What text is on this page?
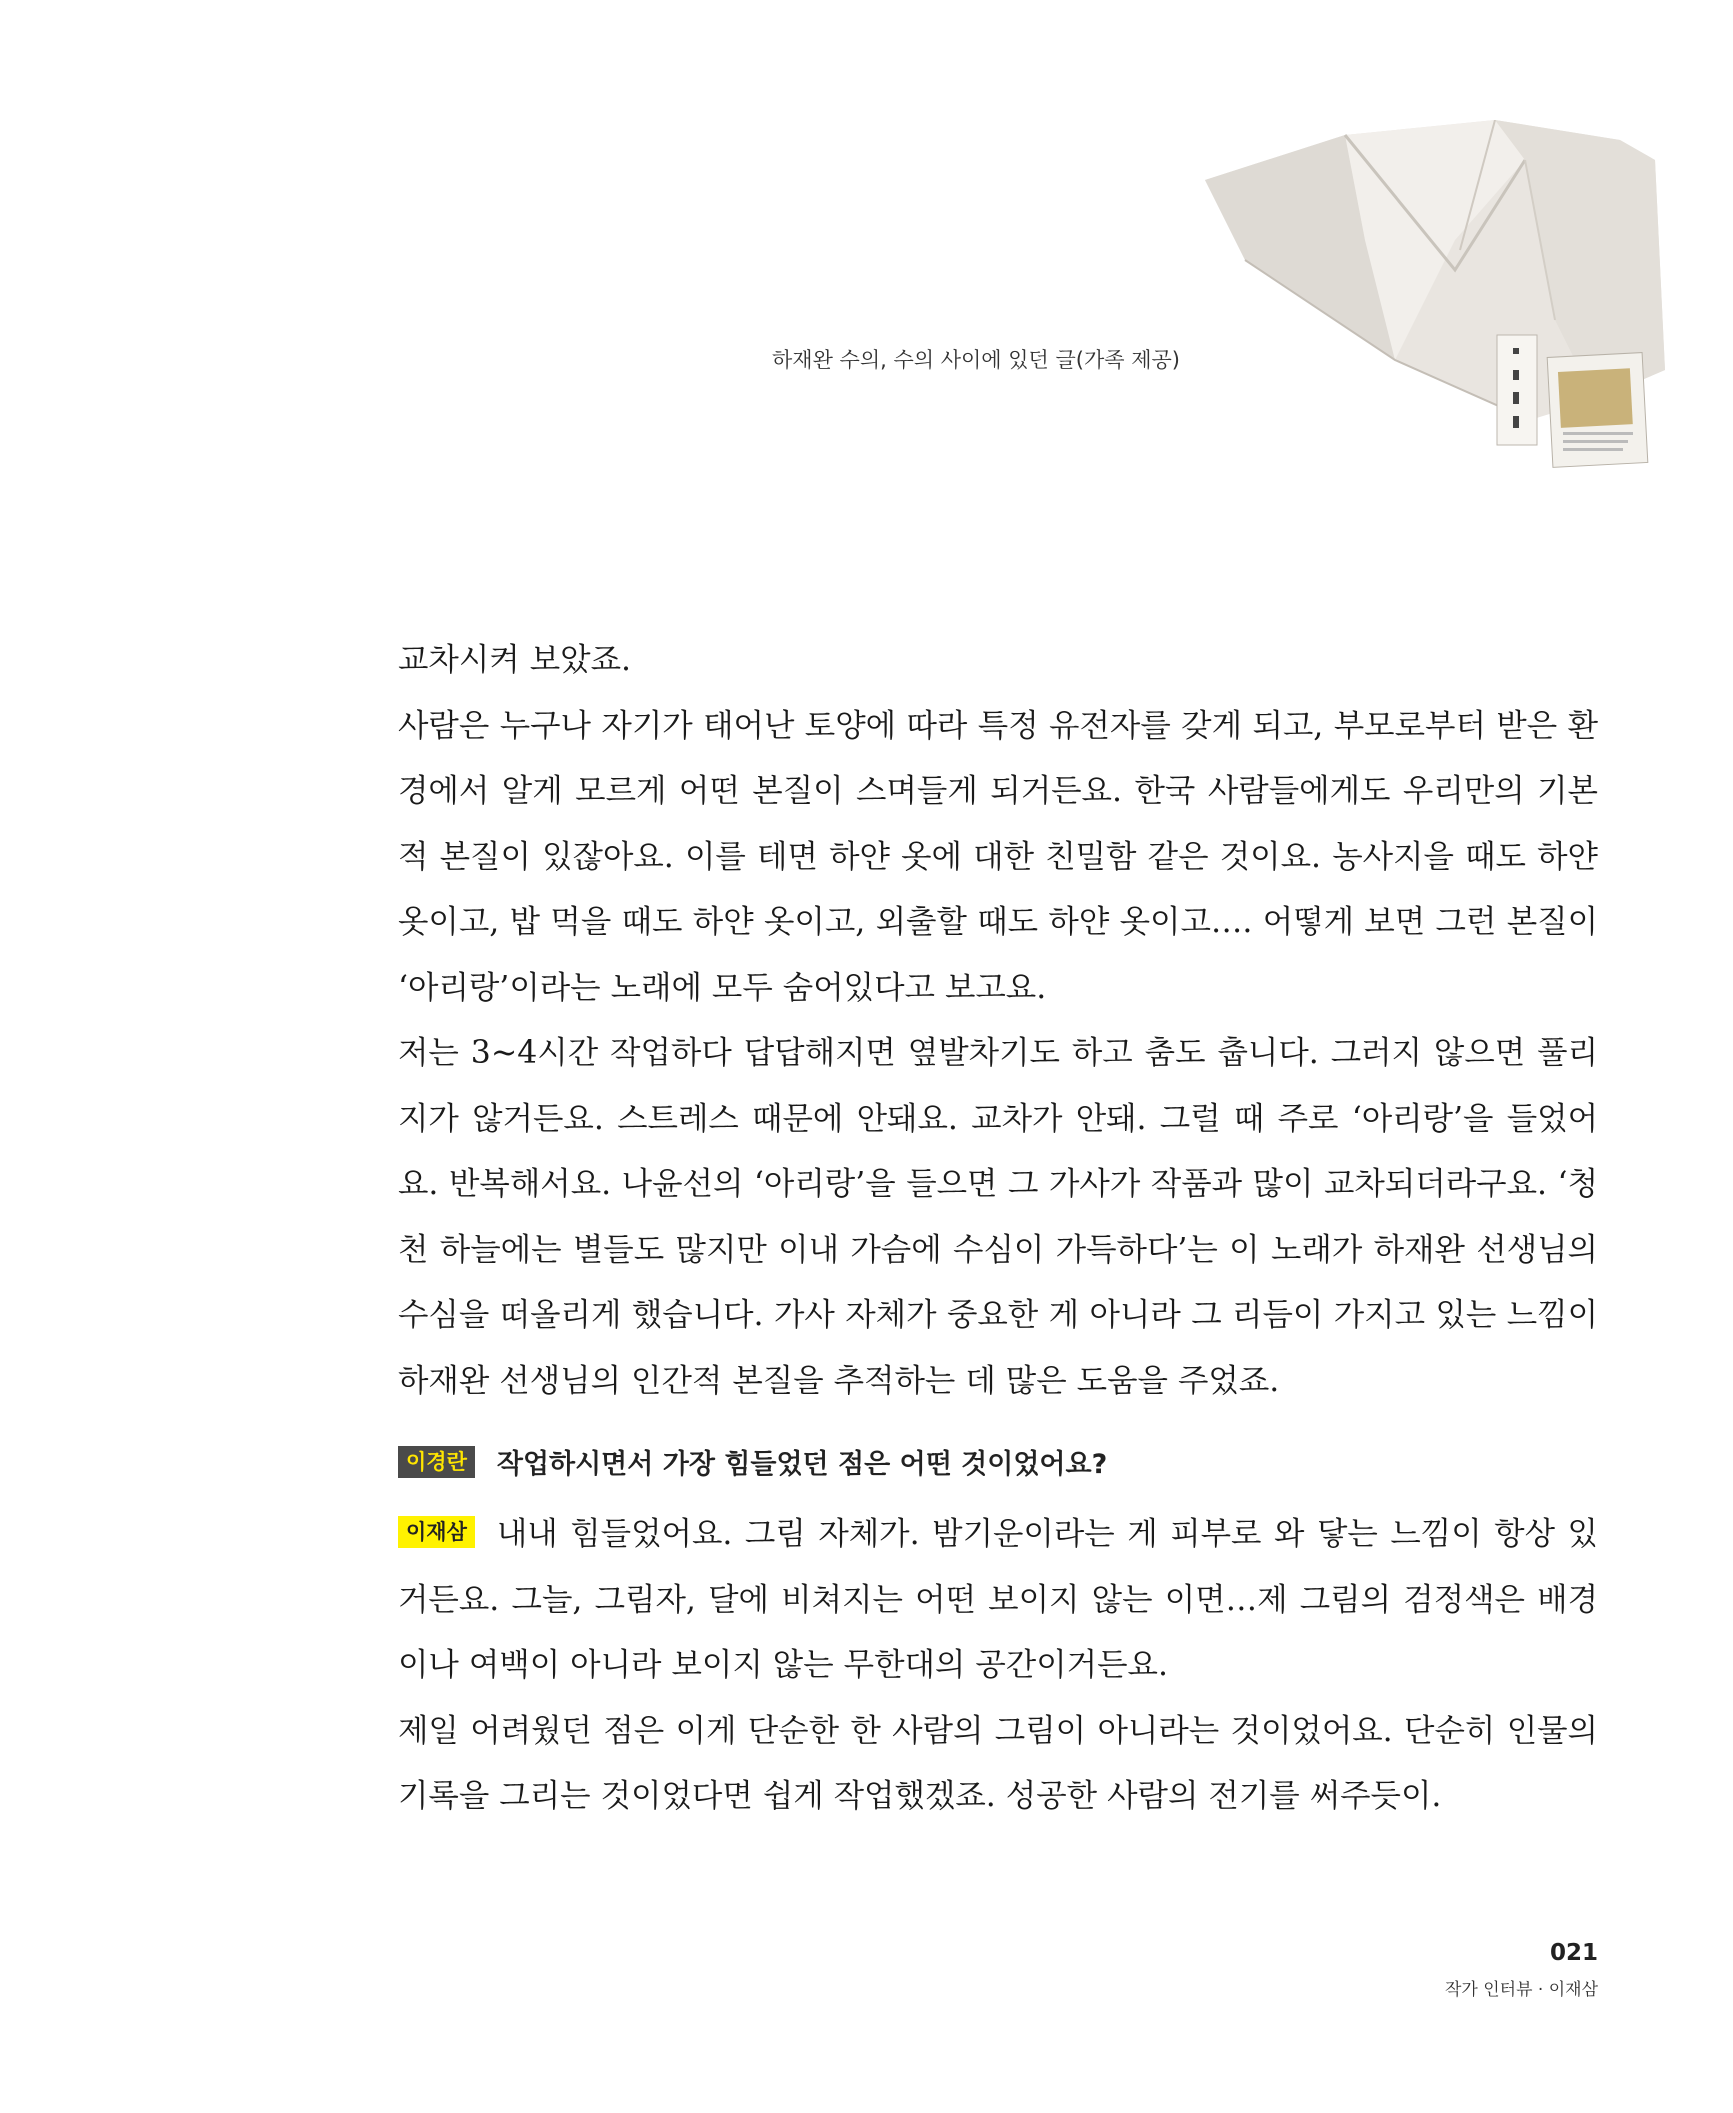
하재완 수의, 수의 사이에 있던 글(가족 제공)

교차시켜 보았죠.

사람은 누구나 자기가 태어난 토양에 따라 특정 유전자를 갖게 되고, 부모로부터 받은 환경에서 알게 모르게 어떤 본질이 스며들게 되거든요. 한국 사람들에게도 우리만의 기본적 본질이 있잖아요. 이를 테면 하얀 옷에 대한 친밀함 같은 것이요. 농사지을 때도 하얀 옷이고, 밥 먹을 때도 하얀 옷이고, 외출할 때도 하얀 옷이고…. 어떻게 보면 그런 본질이 ‘아리랑’이라는 노래에 모두 숨어있다고 보고요.

저는 3~4시간 작업하다 답답해지면 옆발차기도 하고 춤도 춥니다. 그러지 않으면 풀리지가 않거든요. 스트레스 때문에 안돼요. 교차가 안돼. 그럴 때 주로 ‘아리랑’을 들었어요. 반복해서요. 나윤선의 ‘아리랑’을 들으면 그 가사가 작품과 많이 교차되더라구요. ‘청천 하늘에는 별들도 많지만 이내 가슴에 수심이 가득하다’는 이 노래가 하재완 선생님의 수심을 떠올리게 했습니다. 가사 자체가 중요한 게 아니라 그 리듬이 가지고 있는 느낌이 하재완 선생님의 인간적 본질을 추적하는 데 많은 도움을 주었죠.

이경란 작업하시면서 가장 힘들었던 점은 어떤 것이었어요?

이재삼 내내 힘들었어요. 그림 자체가. 밤기운이라는 게 피부로 와 닿는 느낌이 항상 있거든요. 그늘, 그림자, 달에 비쳐지는 어떤 보이지 않는 이면…제 그림의 검정색은 배경이나 여백이 아니라 보이지 않는 무한대의 공간이거든요.

제일 어려웠던 점은 이게 단순한 한 사람의 그림이 아니라는 것이었어요. 단순히 인물의 기록을 그리는 것이었다면 쉽게 작업했겠죠. 성공한 사람의 전기를 써주듯이.

021
작가 인터뷰 · 이재삼
